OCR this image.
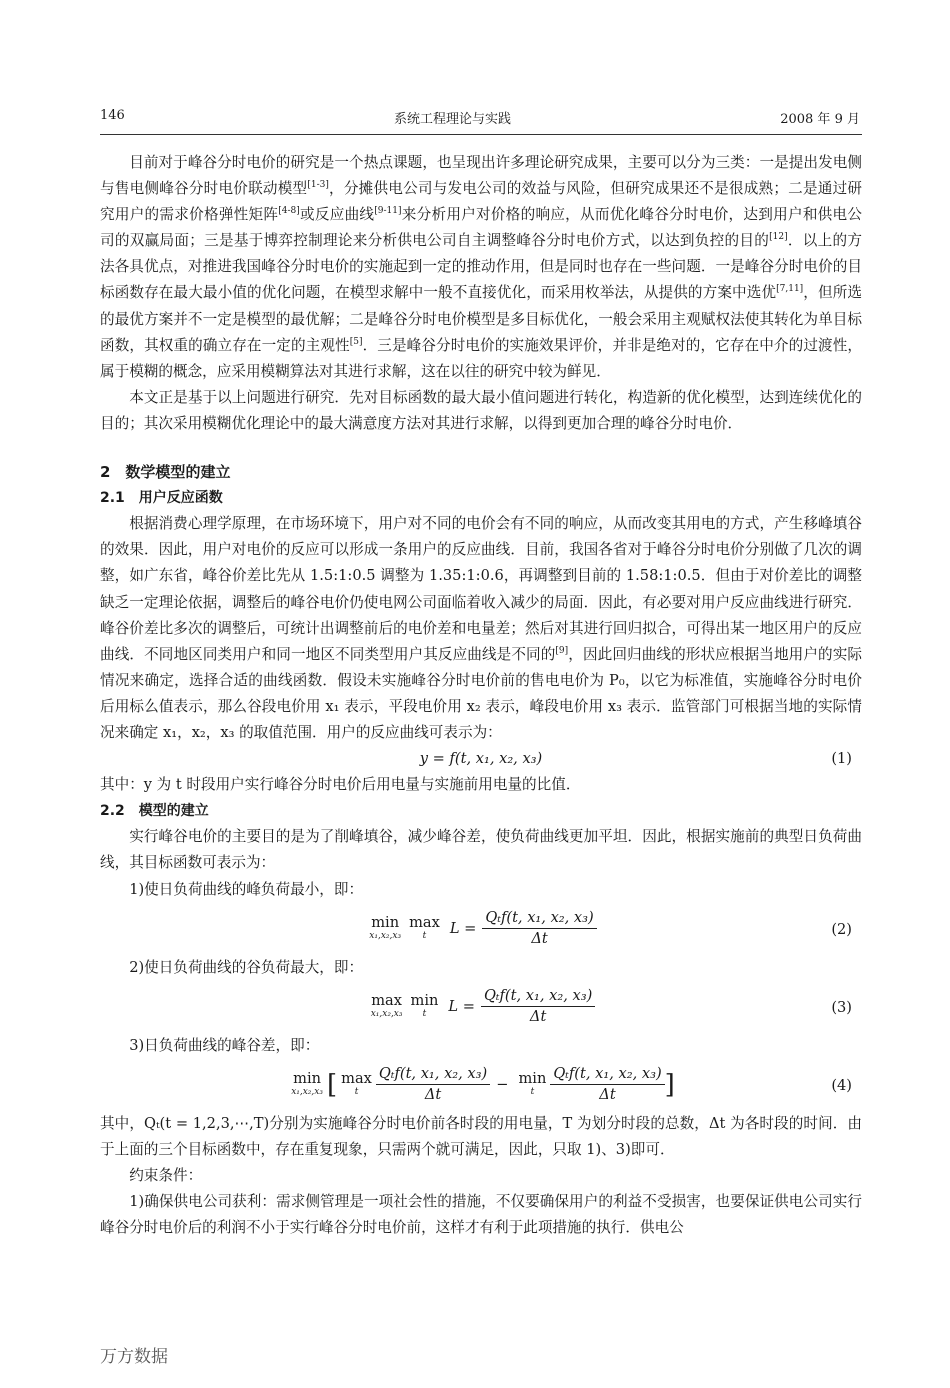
146	系统工程理论与实践	2008 年 9 月

目前对于峰谷分时电价的研究是一个热点课题，也呈现出许多理论研究成果，主要可以分为三类：一是提出发电侧与售电侧峰谷分时电价联动模型[1-3]，分摊供电公司与发电公司的效益与风险，但研究成果还不是很成熟；二是通过研究用户的需求价格弹性矩阵[4-8]或反应曲线[9-11]来分析用户对价格的响应，从而优化峰谷分时电价，达到用户和供电公司的双赢局面；三是基于博弈控制理论来分析供电公司自主调整峰谷分时电价方式，以达到负控的目的[12]．以上的方法各具优点，对推进我国峰谷分时电价的实施起到一定的推动作用，但是同时也存在一些问题．一是峰谷分时电价的目标函数存在最大最小值的优化问题，在模型求解中一般不直接优化，而采用枚举法，从提供的方案中选优[7,11]，但所选的最优方案并不一定是模型的最优解；二是峰谷分时电价模型是多目标优化，一般会采用主观赋权法使其转化为单目标函数，其权重的确立存在一定的主观性[5]．三是峰谷分时电价的实施效果评价，并非是绝对的，它存在中介的过渡性，属于模糊的概念，应采用模糊算法对其进行求解，这在以往的研究中较为鲜见．

本文正是基于以上问题进行研究．先对目标函数的最大最小值问题进行转化，构造新的优化模型，达到连续优化的目的；其次采用模糊优化理论中的最大满意度方法对其进行求解，以得到更加合理的峰谷分时电价．

2　数学模型的建立

2.1　用户反应函数

根据消费心理学原理，在市场环境下，用户对不同的电价会有不同的响应，从而改变其用电的方式，产生移峰填谷的效果．因此，用户对电价的反应可以形成一条用户的反应曲线．目前，我国各省对于峰谷分时电价分别做了几次的调整，如广东省，峰谷价差比先从 1.5:1:0.5 调整为 1.35:1:0.6，再调整到目前的 1.58:1:0.5．但由于对价差比的调整缺乏一定理论依据，调整后的峰谷电价仍使电网公司面临着收入减少的局面．因此，有必要对用户反应曲线进行研究．峰谷价差比多次的调整后，可统计出调整前后的电价差和电量差；然后对其进行回归拟合，可得出某一地区用户的反应曲线．不同地区同类用户和同一地区不同类型用户其反应曲线是不同的[9]，因此回归曲线的形状应根据当地用户的实际情况来确定，选择合适的曲线函数．假设未实施峰谷分时电价前的售电电价为 P₀，以它为标准值，实施峰谷分时电价后用标么值表示，那么谷段电价用 x₁ 表示，平段电价用 x₂ 表示，峰段电价用 x₃ 表示．监管部门可根据当地的实际情况来确定 x₁，x₂，x₃ 的取值范围．用户的反应曲线可表示为：

y = f(t, x₁, x₂, x₃)	(1)

其中：y 为 t 时段用户实行峰谷分时电价后用电量与实施前用电量的比值．

2.2　模型的建立

实行峰谷电价的主要目的是为了削峰填谷，减少峰谷差，使负荷曲线更加平坦．因此，根据实施前的典型日负荷曲线，其目标函数可表示为：

1)使日负荷曲线的峰负荷最小，即：

min
x₁,x₂,x₃
max
t	$L = \frac{\text{Qₜf(t, x₁, x₂, x₃)}}{\Delta t}$	(2)

2)使日负荷曲线的谷负荷最大，即：

max
x₁,x₂,x₃
min
t	$L = \frac{\text{Qₜf(t, x₁, x₂, x₃)}}{\Delta t}$	(3)

3)日负荷曲线的峰谷差，即：

min
x₁,x₂,x₃ [ max
t	$\frac{\text{Qₜf(t, x₁, x₂, x₃)}}{\Delta t} - \min$
t	$\frac{\text{Qₜf(t, x₁, x₂, x₃)}}{\Delta t}$ ]	(4)

其中，Qₜ(t = 1,2,3,⋯,T)分别为实施峰谷分时电价前各时段的用电量，T 为划分时段的总数，Δt 为各时段的时间．由于上面的三个目标函数中，存在重复现象，只需两个就可满足，因此，只取 1)、3)即可．

约束条件：

1)确保供电公司获利：需求侧管理是一项社会性的措施，不仅要确保用户的利益不受损害，也要保证供电公司实行峰谷分时电价后的利润不小于实行峰谷分时电价前，这样才有利于此项措施的执行．供电公

万方数据
